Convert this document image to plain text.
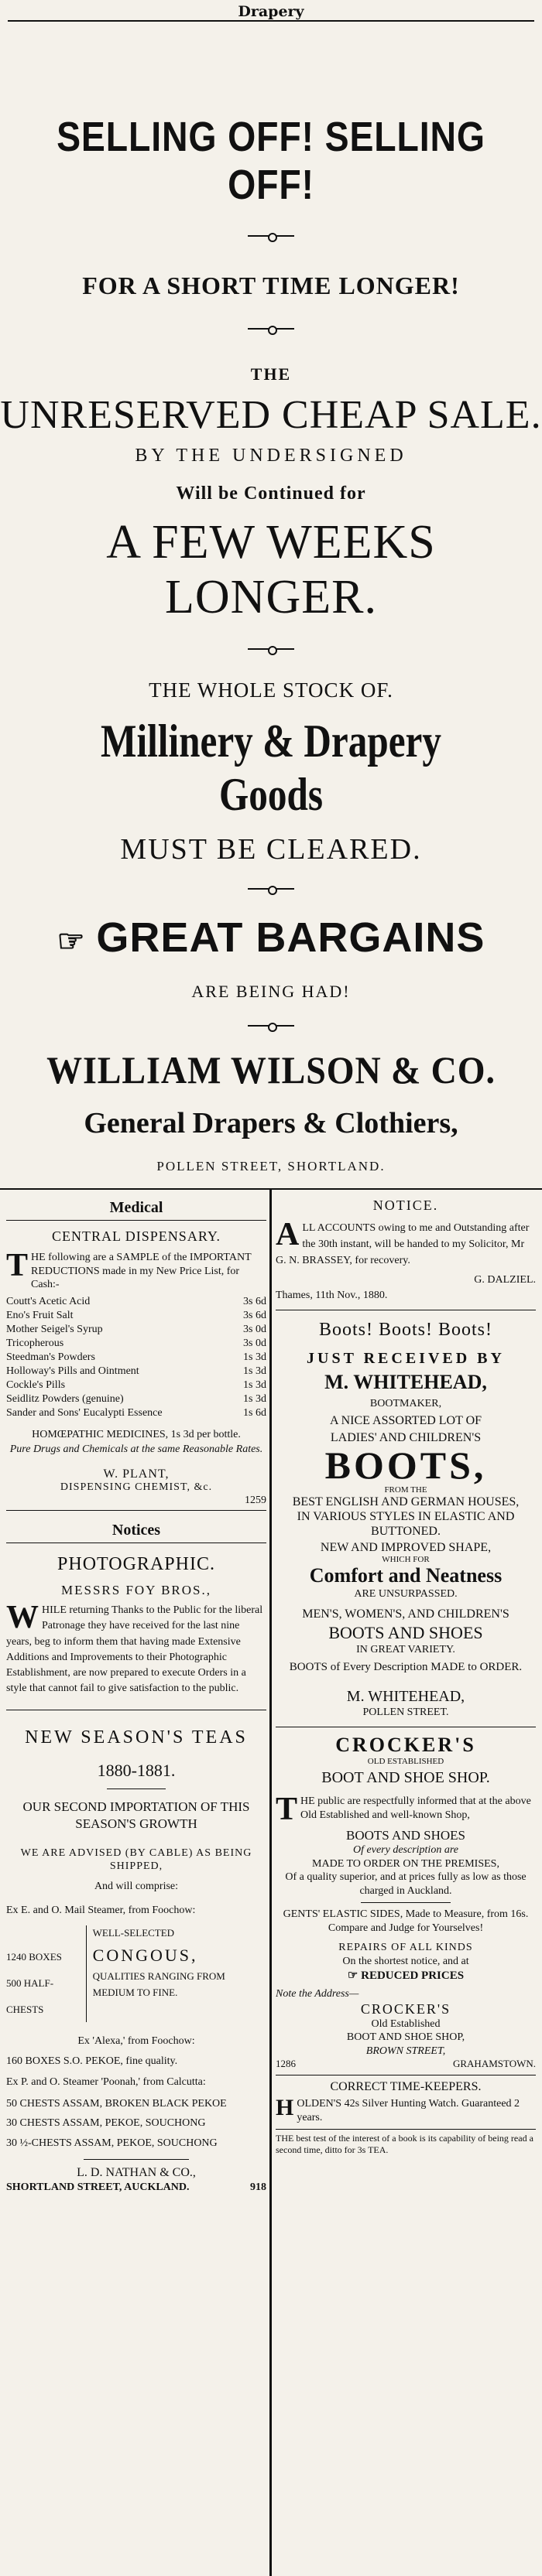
Drapery
SELLING OFF! SELLING OFF!
FOR A SHORT TIME LONGER!
THE
UNRESERVED CHEAP SALE.
BY THE UNDERSIGNED
Will be Continued for
A FEW WEEKS LONGER.
THE WHOLE STOCK OF.
Millinery & Drapery Goods
MUST BE CLEARED.
☞ GREAT BARGAINS
ARE BEING HAD!
WILLIAM WILSON & CO.
General Drapers & Clothiers,
POLLEN STREET, SHORTLAND.
Medical
CENTRAL DISPENSARY.
THE following are a SAMPLE of the IMPORTANT REDUCTIONS made in my New Price List, for Cash:-
Coutt's Acetic Acid	3s 6d
Eno's Fruit Salt	3s 6d
Mother Seigel's Syrup	3s 0d
Tricopherous	3s 0d
Steedman's Powders	1s 3d
Holloway's Pills and Ointment	1s 3d
Cockle's Pills	1s 3d
Seidlitz Powders (genuine)	1s 3d
Sander and Sons' Eucalypti Essence	1s 6d
HOMŒPATHIC MEDICINES, 1s 3d per bottle.
Pure Drugs and Chemicals at the same Reasonable Rates.
W. PLANT,
DISPENSING CHEMIST, &c.
1259
Notices
PHOTOGRAPHIC.
MESSRS FOY BROS.,
WHILE returning Thanks to the Public for the liberal Patronage they have received for the last nine years, beg to inform them that having made Extensive Additions and Improvements to their Photographic Establishment, are now prepared to execute Orders in a style that cannot fail to give satisfaction to the public.
NEW SEASON'S TEAS
1880-1881.
OUR SECOND IMPORTATION OF THIS SEASON'S GROWTH
WE ARE ADVISED (BY CABLE) AS BEING SHIPPED,
And will comprise:
Ex E. and O. Mail Steamer, from Foochow:
1240 BOXES
500 HALF-CHESTS
WELL-SELECTED
CONGOUS,
QUALITIES RANGING FROM MEDIUM TO FINE.
Ex 'Alexa,' from Foochow:
160 BOXES S.O. PEKOE, fine quality.
Ex P. and O. Steamer 'Poonah,' from Calcutta:
50 CHESTS ASSAM, BROKEN BLACK PEKOE
30 CHESTS ASSAM, PEKOE, SOUCHONG
30 ½-CHESTS ASSAM, PEKOE, SOUCHONG
L. D. NATHAN & CO.,
SHORTLAND STREET, AUCKLAND.	918
NOTICE.
ALL ACCOUNTS owing to me and Outstanding after the 30th instant, will be handed to my Solicitor, Mr G. N. BRASSEY, for recovery.
G. DALZIEL.
Thames, 11th Nov., 1880.
Boots! Boots! Boots!
JUST RECEIVED BY
M. WHITEHEAD,
BOOTMAKER,
A NICE ASSORTED LOT OF
LADIES' AND CHILDREN'S
BOOTS,
FROM THE
BEST ENGLISH AND GERMAN HOUSES,
IN VARIOUS STYLES IN ELASTIC AND BUTTONED.
NEW AND IMPROVED SHAPE,
WHICH FOR
Comfort and Neatness
ARE UNSURPASSED.
MEN'S, WOMEN'S, AND CHILDREN'S
BOOTS AND SHOES
IN GREAT VARIETY.
BOOTS of Every Description MADE to ORDER.
M. WHITEHEAD,
POLLEN STREET.
CROCKER'S
OLD ESTABLISHED
BOOT AND SHOE SHOP.
THE public are respectfully informed that at the above Old Established and well-known Shop,
BOOTS AND SHOES
Of every description are
MADE TO ORDER ON THE PREMISES,
Of a quality superior, and at prices fully as low as those charged in Auckland.
GENTS' ELASTIC SIDES, Made to Measure, from 16s.
Compare and Judge for Yourselves!
REPAIRS OF ALL KINDS
On the shortest notice, and at
☞ REDUCED PRICES
Note the Address—
CROCKER'S
Old Established
BOOT AND SHOE SHOP,
BROWN STREET,
1286	GRAHAMSTOWN.
CORRECT TIME-KEEPERS.
HOLDEN'S 42s Silver Hunting Watch. Guaranteed 2 years.
THE best test of the interest of a book is its capability of being read a second time, ditto for 3s TEA.
